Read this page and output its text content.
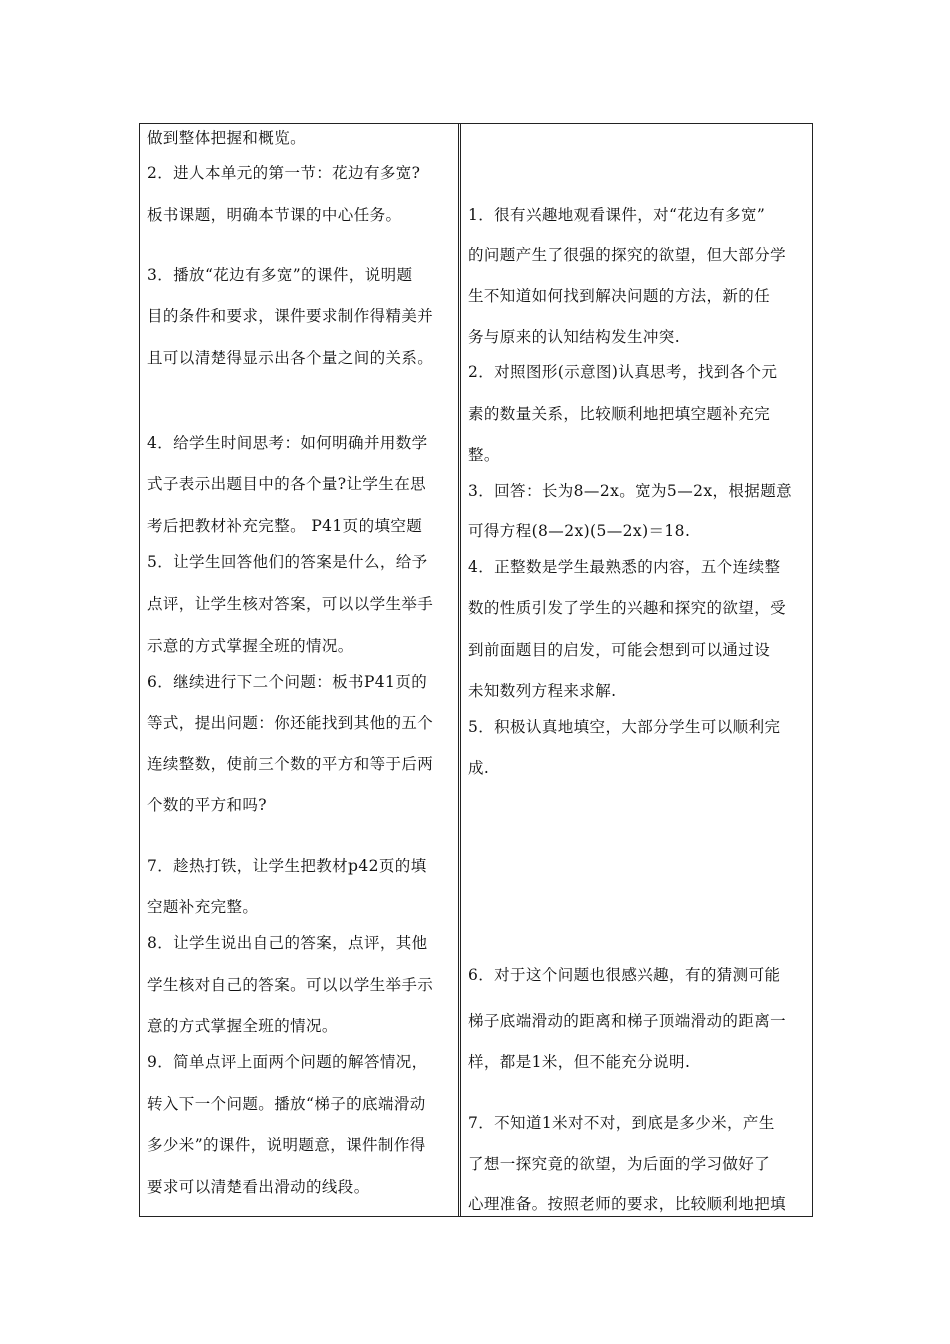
做到整体把握和概览。
2．进人本单元的第一节：花边有多宽?
板书课题，明确本节课的中心任务。
3．播放“花边有多宽”的课件，说明题
目的条件和要求，课件要求制作得精美并
且可以清楚得显示出各个量之间的关系。
4．给学生时间思考：如何明确并用数学
式子表示出题目中的各个量?让学生在思
考后把教材补充完整。 P41页的填空题
5．让学生回答他们的答案是什么，给予
点评，让学生核对答案，可以以学生举手
示意的方式掌握全班的情况。
6．继续进行下二个问题：板书P41页的
等式，提出问题：你还能找到其他的五个
连续整数，使前三个数的平方和等于后两
个数的平方和吗?
7．趁热打铁，让学生把教材p42页的填
空题补充完整。
8．让学生说出自己的答案，点评，其他
学生核对自己的答案。可以以学生举手示
意的方式掌握全班的情况。
9．简单点评上面两个问题的解答情况，
转入下一个问题。播放“梯子的底端滑动
多少米”的课件，说明题意，课件制作得
要求可以清楚看出滑动的线段。
1．很有兴趣地观看课件，对“花边有多宽”
的问题产生了很强的探究的欲望，但大部分学
生不知道如何找到解决问题的方法，新的任
务与原来的认知结构发生冲突.
2．对照图形(示意图)认真思考，找到各个元
素的数量关系，比较顺利地把填空题补充完
整。
3．回答：长为8—2x。宽为5—2x，根据题意
可得方程(8—2x)(5—2x)＝18.
4．正整数是学生最熟悉的内容，五个连续整
数的性质引发了学生的兴趣和探究的欲望，受
到前面题目的启发，可能会想到可以通过设
未知数列方程来求解.
5．积极认真地填空，大部分学生可以顺利完
成.
6．对于这个问题也很感兴趣，有的猜测可能
梯子底端滑动的距离和梯子顶端滑动的距离一
样，都是1米，但不能充分说明.
7．不知道1米对不对，到底是多少米，产生
了想一探究竟的欲望，为后面的学习做好了
心理准备。按照老师的要求，比较顺利地把填
